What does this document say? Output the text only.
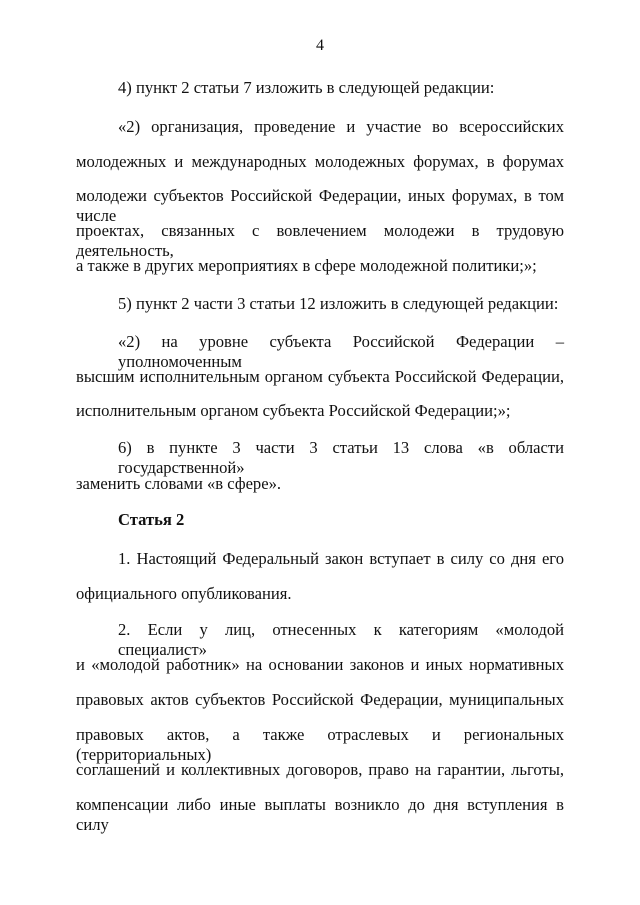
4
4) пункт 2 статьи 7 изложить в следующей редакции:
«2) организация, проведение и участие во всероссийских
молодежных и международных молодежных форумах, в форумах
молодежи субъектов Российской Федерации, иных форумах, в том числе
проектах, связанных с вовлечением молодежи в трудовую деятельность,
а также в других мероприятиях в сфере молодежной политики;»;
5) пункт 2 части 3 статьи 12 изложить в следующей редакции:
«2) на уровне субъекта Российской Федерации – уполномоченным
высшим исполнительным органом субъекта Российской Федерации,
исполнительным органом субъекта Российской Федерации;»;
6) в пункте 3 части 3 статьи 13 слова «в области государственной»
заменить словами «в сфере».
Статья 2
1. Настоящий Федеральный закон вступает в силу со дня его
официального опубликования.
2. Если у лиц, отнесенных к категориям «молодой специалист»
и «молодой работник» на основании законов и иных нормативных
правовых актов субъектов Российской Федерации, муниципальных
правовых актов, а также отраслевых и региональных (территориальных)
соглашений и коллективных договоров, право на гарантии, льготы,
компенсации либо иные выплаты возникло до дня вступления в силу
